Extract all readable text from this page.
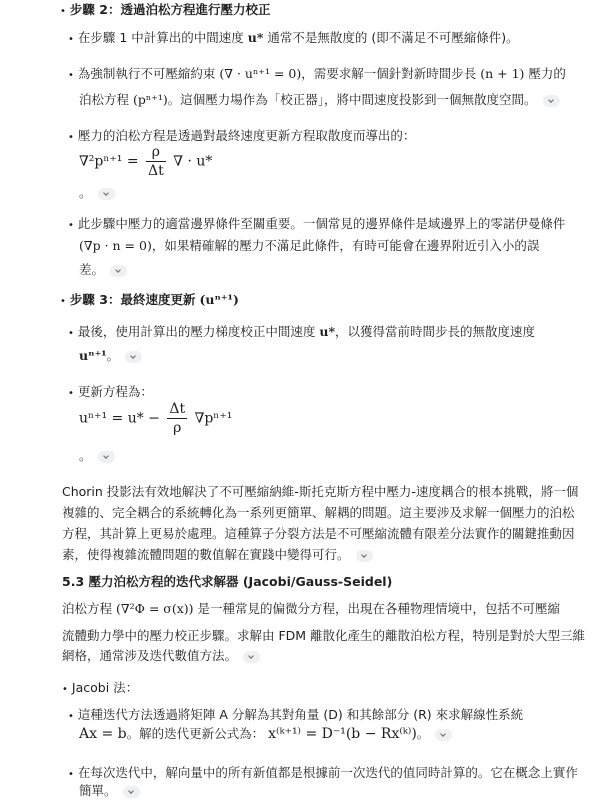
• 步驟 2：透過泊松方程進行壓力校正
• 在步驟 1 中計算出的中間速度 u* 通常不是無散度的 (即不滿足不可壓縮條件)。
• 為強制執行不可壓縮約束 (∇ · uⁿ⁺¹ = 0)，需要求解一個針對新時間步長 (n + 1) 壓力的
泊松方程 (pⁿ⁺¹)。這個壓力場作為「校正器」，將中間速度投影到一個無散度空間。
• 壓力的泊松方程是透過對最終速度更新方程取散度而導出的：
$\nabla^2p^{n+1} = \frac{\rho}{\Delta t}$ ∇ · u*
。
• 此步驟中壓力的適當邊界條件至關重要。一個常見的邊界條件是域邊界上的零諾伊曼條件
(∇p · n = 0)，如果精確解的壓力不滿足此條件，有時可能會在邊界附近引入小的誤
差。
• 步驟 3：最終速度更新 (uⁿ⁺¹)
• 最後，使用計算出的壓力梯度校正中間速度 u*，以獲得當前時間步長的無散度速度
uⁿ⁺¹。
• 更新方程為：
$u^{n+1} = u* - \frac{\Delta t}{\rho} \nabla p^{n+1}$
。
Chorin 投影法有效地解決了不可壓縮納維-斯托克斯方程中壓力-速度耦合的根本挑戰，將一個
複雜的、完全耦合的系統轉化為一系列更簡單、解耦的問題。這主要涉及求解一個壓力的泊松
方程，其計算上更易於處理。這種算子分裂方法是不可壓縮流體有限差分法實作的關鍵推動因
素，使得複雜流體問題的數值解在實踐中變得可行。
5.3 壓力泊松方程的迭代求解器 (Jacobi/Gauss-Seidel)
泊松方程 (∇²Φ = σ(x)) 是一種常見的偏微分方程，出現在各種物理情境中，包括不可壓縮
流體動力學中的壓力校正步驟。求解由 FDM 離散化產生的離散泊松方程，特別是對於大型三維
網格，通常涉及迭代數值方法。
• Jacobi 法：
• 這種迭代方法透過將矩陣 A 分解為其對角量 (D) 和其餘部分 (R) 來求解線性系統
Ax = b。解的迭代更新公式為： x⁽ᵏ⁺¹⁾ = D⁻¹(b − Rx⁽ᵏ⁾)。
• 在每次迭代中，解向量中的所有新值都是根據前一次迭代的值同時計算的。它在概念上實作
簡單。
